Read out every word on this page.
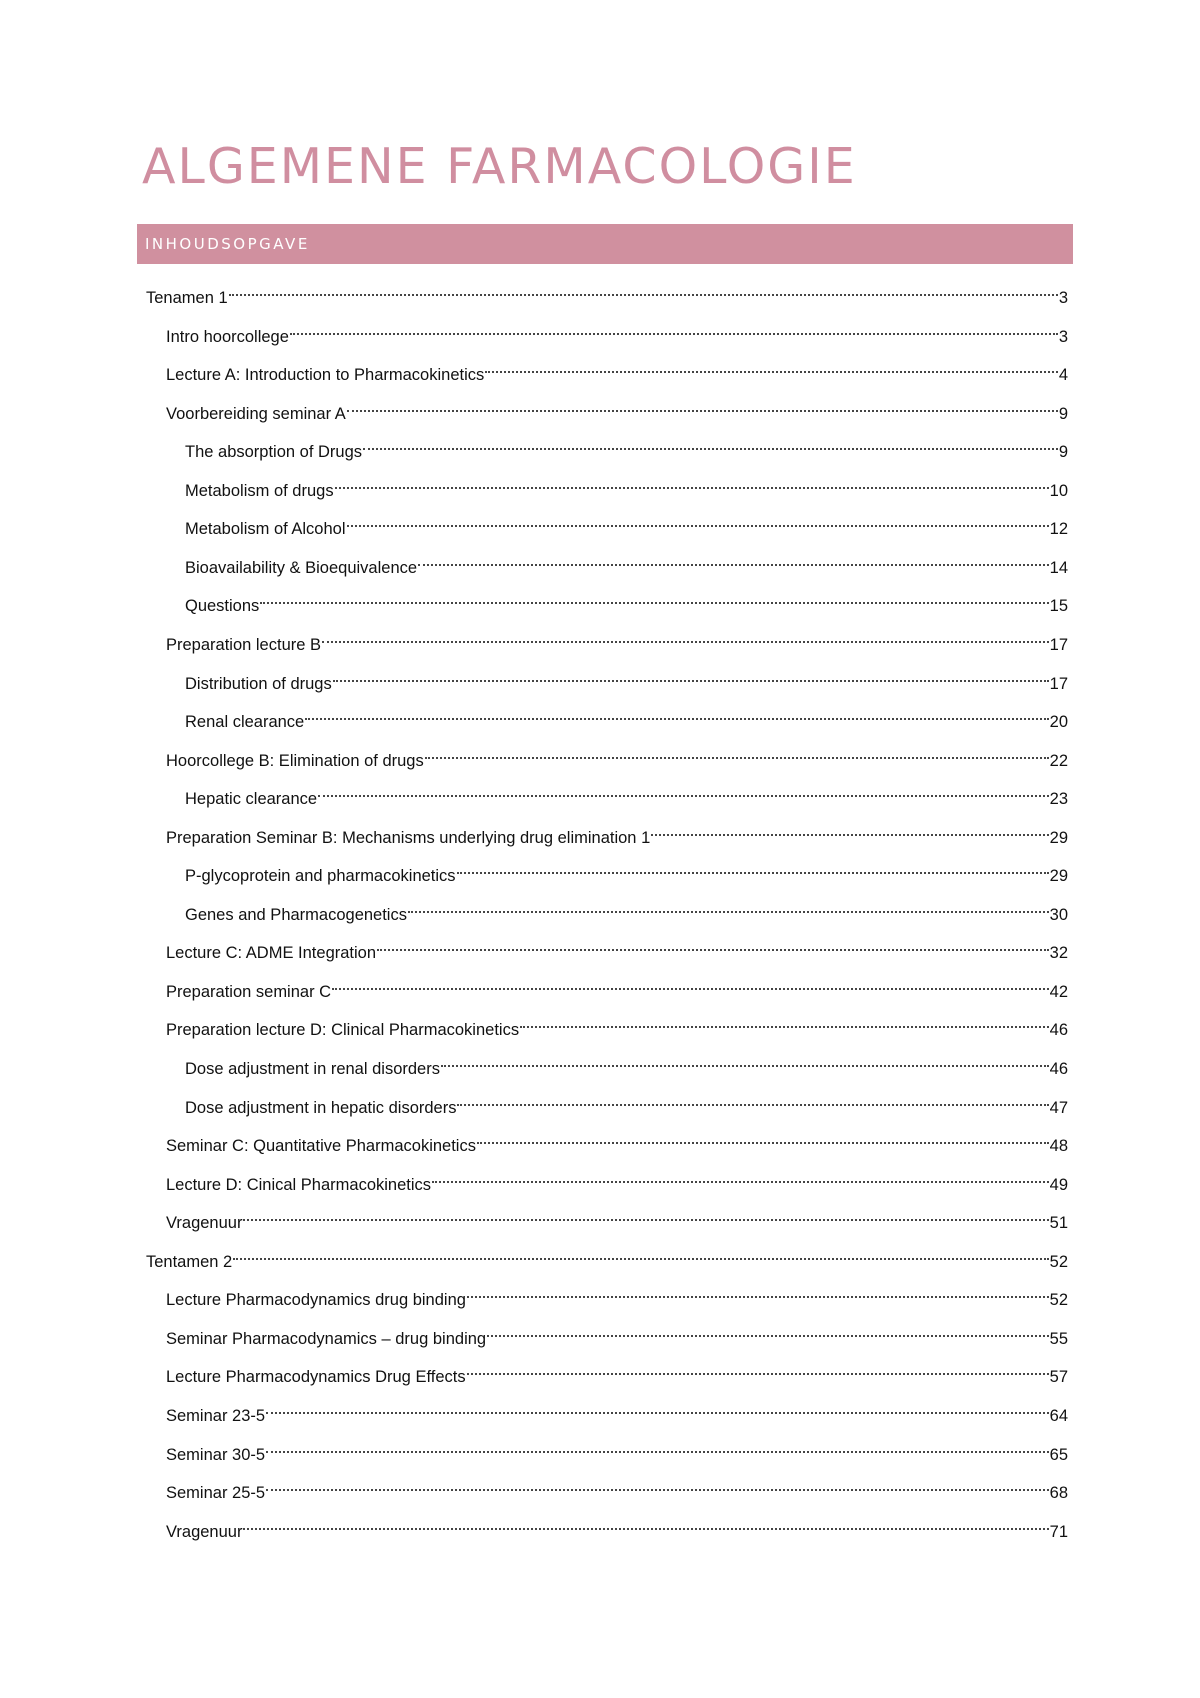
ALGEMENE FARMACOLOGIE
INHOUDSOPGAVE
Tenamen 1	3
Intro hoorcollege	3
Lecture A: Introduction to Pharmacokinetics	4
Voorbereiding seminar A	9
The absorption of Drugs	9
Metabolism of drugs	10
Metabolism of Alcohol	12
Bioavailability & Bioequivalence	14
Questions	15
Preparation lecture B	17
Distribution of drugs	17
Renal clearance	20
Hoorcollege B: Elimination of drugs	22
Hepatic clearance	23
Preparation Seminar B: Mechanisms underlying drug elimination 1	29
P-glycoprotein and pharmacokinetics	29
Genes and Pharmacogenetics	30
Lecture C: ADME Integration	32
Preparation seminar C	42
Preparation lecture D: Clinical Pharmacokinetics	46
Dose adjustment in renal disorders	46
Dose adjustment in hepatic disorders	47
Seminar C: Quantitative Pharmacokinetics	48
Lecture D: Cinical Pharmacokinetics	49
Vragenuur	51
Tentamen 2	52
Lecture Pharmacodynamics drug binding	52
Seminar Pharmacodynamics – drug binding	55
Lecture Pharmacodynamics Drug Effects	57
Seminar 23-5	64
Seminar 30-5	65
Seminar 25-5	68
Vragenuur	71
